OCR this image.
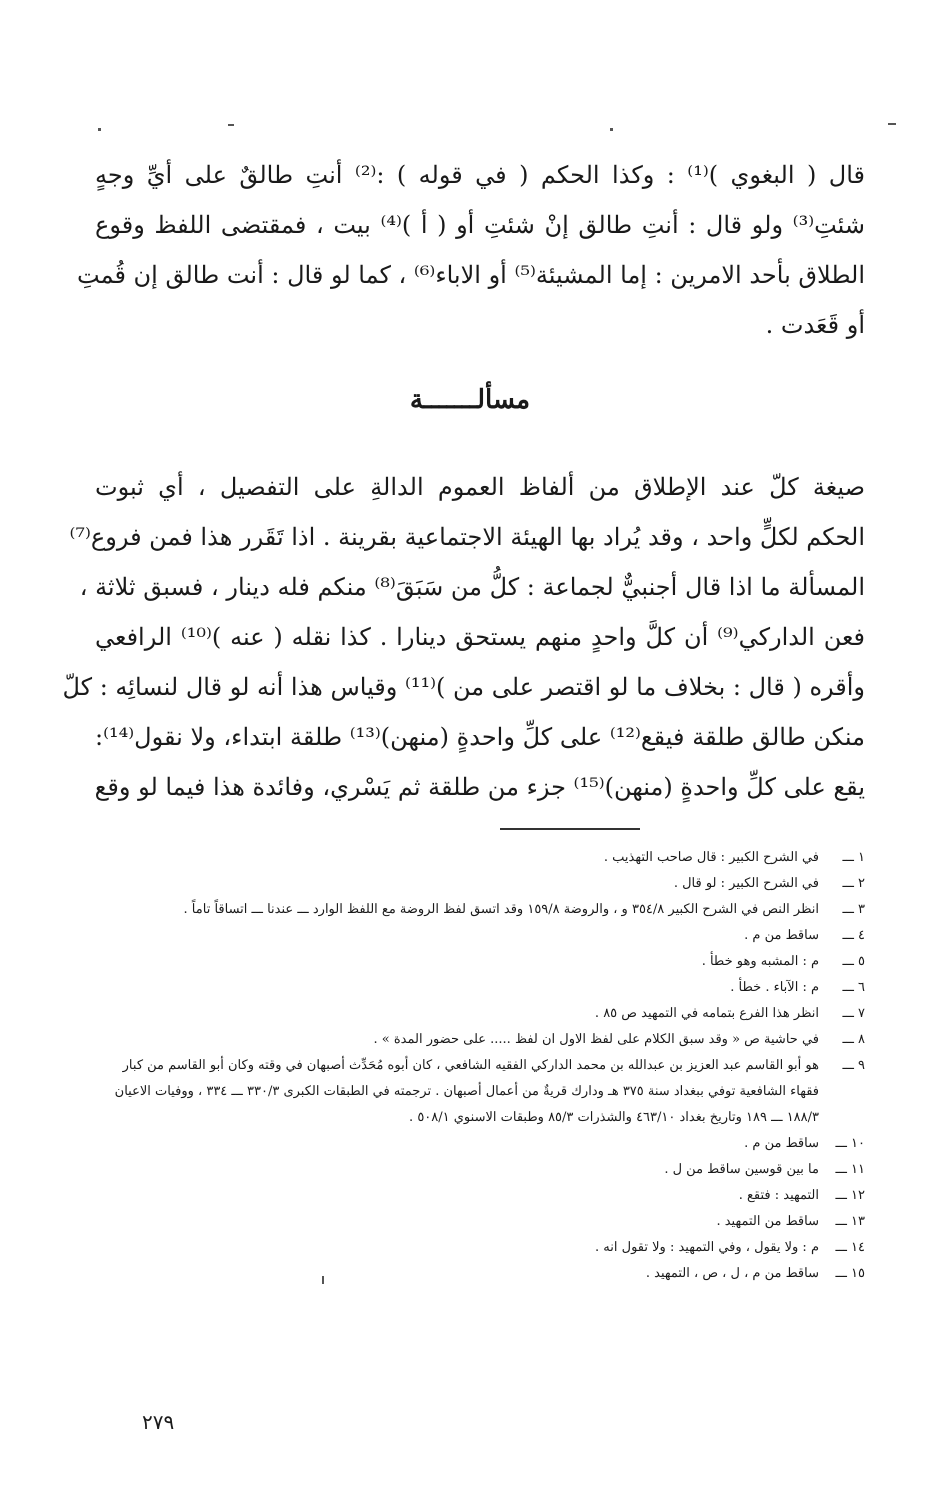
قال ( البغوي )⁽¹⁾ : وكذا الحكم ( في قوله ) :⁽²⁾ أنتِ طالقٌ على أيِّ وجهٍ
شئتِ⁽³⁾ ولو قال : أنتِ طالق إنْ شئتِ أو ( أ )⁽⁴⁾ بيت ، فمقتضى اللفظ وقوع
الطلاق بأحد الامرين : إما المشيئة⁽⁵⁾ أو الاباء⁽⁶⁾ ، كما لو قال : أنت طالق إن قُمتِ
أو قَعَدت .
مسألـــــــة
صيغة كلّ عند الإطلاق من ألفاظ العموم الدالةِ على التفصيل ، أي ثبوت
الحكم لكلٍّ واحد ، وقد يُراد بها الهيئة الاجتماعية بقرينة . اذا تَقَرر هذا فمن فروع⁽⁷⁾
المسألة ما اذا قال أجنبيٌّ لجماعة : كلُّ من سَبَقَ⁽⁸⁾ منكم فله دينار ، فسبق ثلاثة ،
فعن الداركي⁽⁹⁾ أن كلَّ واحدٍ منهم يستحق دينارا . كذا نقله ( عنه )⁽¹⁰⁾ الرافعي
وأقره ( قال : بخلاف ما لو اقتصر على من )⁽¹¹⁾ وقياس هذا أنه لو قال لنسائِه : كلّ
منكن طالق طلقة فيقع⁽¹²⁾ على كلِّ واحدةٍ (منهن)⁽¹³⁾ طلقة ابتداء، ولا نقول⁽¹⁴⁾:
يقع على كلِّ واحدةٍ (منهن)⁽¹⁵⁾ جزء من طلقة ثم يَسْري، وفائدة هذا فيما لو وقع
١ ـــ
في الشرح الكبير : قال صاحب التهذيب .
٢ ـــ
في الشرح الكبير : لو قال .
٣ ـــ
انظر النص في الشرح الكبير ٣٥٤/٨ و ، والروضة ١٥٩/٨ وقد اتسق لفظ الروضة مع اللفظ الوارد ـــ عندنا ـــ اتساقاً تاماً .
٤ ـــ
ساقط من م .
٥ ـــ
م : المشبه وهو خطأ .
٦ ـــ
م : الآباء . خطأ .
٧ ـــ
انظر هذا الفرع بتمامه في التمهيد ص ٨٥ .
٨ ـــ
في حاشية ص « وقد سبق الكلام على لفظ الاول ان لفظ ..... على حضور المدة » .
٩ ـــ
هو أبو القاسم عبد العزيز بن عبدالله بن محمد الداركي الفقيه الشافعي ، كان أبوه مُحَدِّث أصبهان في وقته وكان أبو القاسم من كبار فقهاء الشافعية توفي ببغداد سنة ٣٧٥ هـ ودارك قريةٌ من أعمال أصبهان . ترجمته في الطبقات الكبرى ٣٣٠/٣ ـــ ٣٣٤ ، ووفيات الاعيان ١٨٨/٣ ـــ ١٨٩ وتاريخ بغداد ٤٦٣/١٠ والشذرات ٨٥/٣ وطبقات الاسنوي ٥٠٨/١ .
١٠ ـــ
ساقط من م .
١١ ـــ
ما بين قوسين ساقط من ل .
١٢ ـــ
التمهيد : فتقع .
١٣ ـــ
ساقط من التمهيد .
١٤ ـــ
م : ولا يقول ، وفي التمهيد : ولا تقول انه .
١٥ ـــ
ساقط من م ، ل ، ص ، التمهيد .
٢٧٩
